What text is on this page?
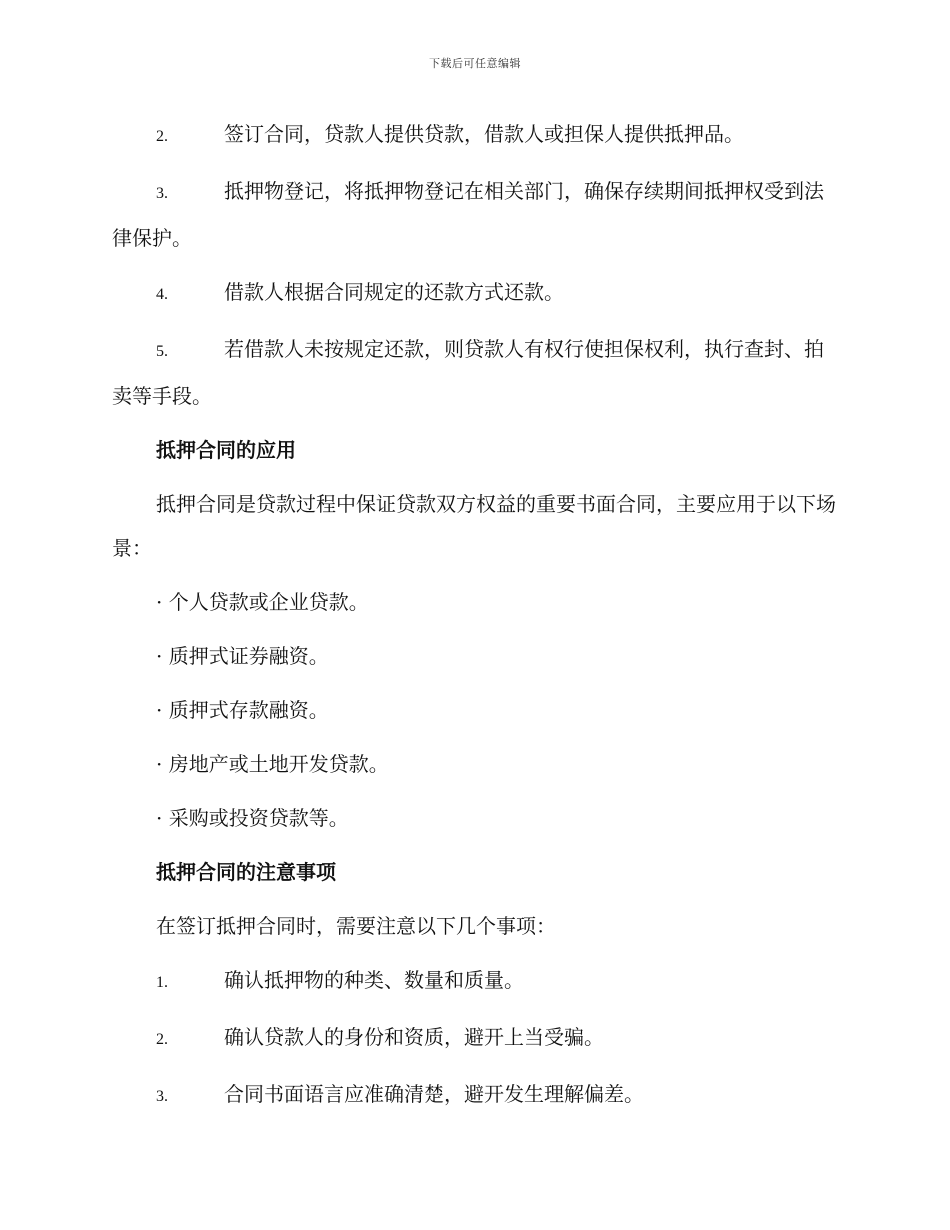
下载后可任意编辑

2.	签订合同，贷款人提供贷款，借款人或担保人提供抵押品。

3.	抵押物登记，将抵押物登记在相关部门，确保存续期间抵押权受到法律保护。

4.	借款人根据合同规定的还款方式还款。

5.	若借款人未按规定还款，则贷款人有权行使担保权利，执行查封、拍卖等手段。

抵押合同的应用

抵押合同是贷款过程中保证贷款双方权益的重要书面合同，主要应用于以下场景：

· 个人贷款或企业贷款。

· 质押式证券融资。

· 质押式存款融资。

· 房地产或土地开发贷款。

· 采购或投资贷款等。

抵押合同的注意事项

在签订抵押合同时，需要注意以下几个事项：

1.	确认抵押物的种类、数量和质量。

2.	确认贷款人的身份和资质，避开上当受骗。

3.	合同书面语言应准确清楚，避开发生理解偏差。
